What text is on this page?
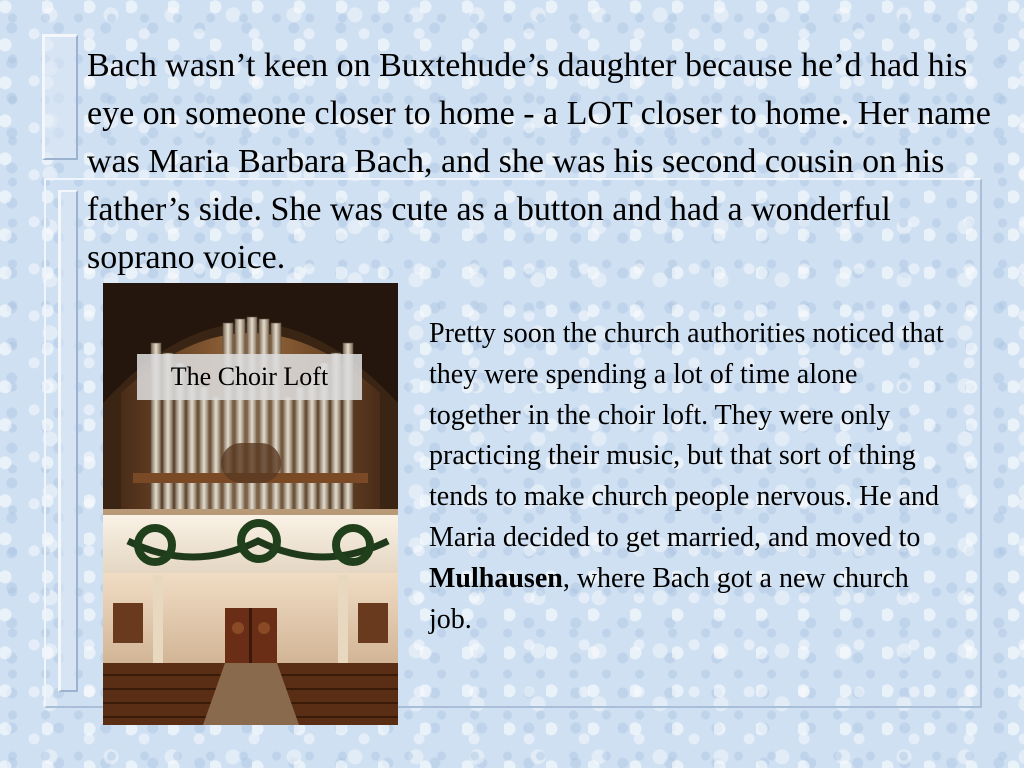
Bach wasn’t keen on Buxtehude’s daughter because he’d had his eye on someone closer to home - a LOT closer to home. Her name was Maria Barbara Bach, and she was his second cousin on his father’s side. She was cute as a button and had a wonderful soprano voice.

The Choir Loft

Pretty soon the church authorities noticed that they were spending a lot of time alone together in the choir loft. They were only practicing their music, but that sort of thing tends to make church people nervous. He and Maria decided to get married, and moved to Mulhausen, where Bach got a new church job.
